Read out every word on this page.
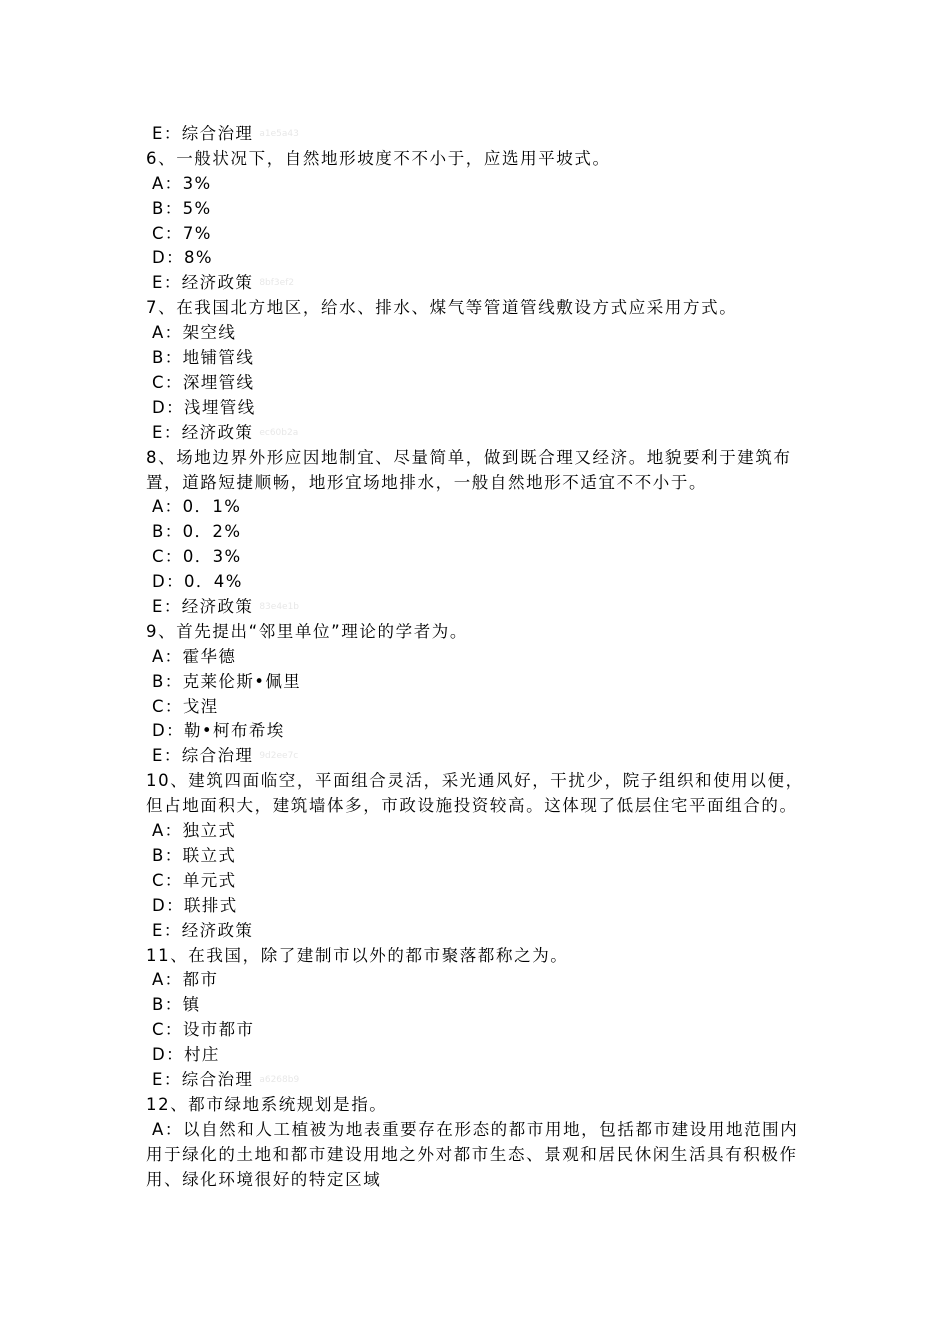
E：综合治理 a1e5a43
6、一般状况下，自然地形坡度不不小于，应选用平坡式。
A：3%
B：5%
C：7%
D：8%
E：经济政策 8bf3ef2
7、在我国北方地区，给水、排水、煤气等管道管线敷设方式应采用方式。
A：架空线
B：地铺管线
C：深埋管线
D：浅埋管线
E：经济政策 ec60b2a
8、场地边界外形应因地制宜、尽量简单，做到既合理又经济。地貌要利于建筑布置，道路短捷顺畅，地形宜场地排水，一般自然地形不适宜不不小于。
A：0．1%
B：0．2%
C：0．3%
D：0．4%
E：经济政策 83e4e1b
9、首先提出“邻里单位”理论的学者为。
A：霍华德
B：克莱伦斯•佩里
C：戈涅
D：勒•柯布希埃
E：综合治理 9d2ee7c
10、建筑四面临空，平面组合灵活，采光通风好，干扰少，院子组织和使用以便，但占地面积大，建筑墙体多，市政设施投资较高。这体现了低层住宅平面组合的。
A：独立式
B：联立式
C：单元式
D：联排式
E：经济政策
11、在我国，除了建制市以外的都市聚落都称之为。
A：都市
B：镇
C：设市都市
D：村庄
E：综合治理 a6268b9
12、都市绿地系统规划是指。
A：以自然和人工植被为地表重要存在形态的都市用地，包括都市建设用地范围内用于绿化的土地和都市建设用地之外对都市生态、景观和居民休闲生活具有积极作用、绿化环境很好的特定区域
